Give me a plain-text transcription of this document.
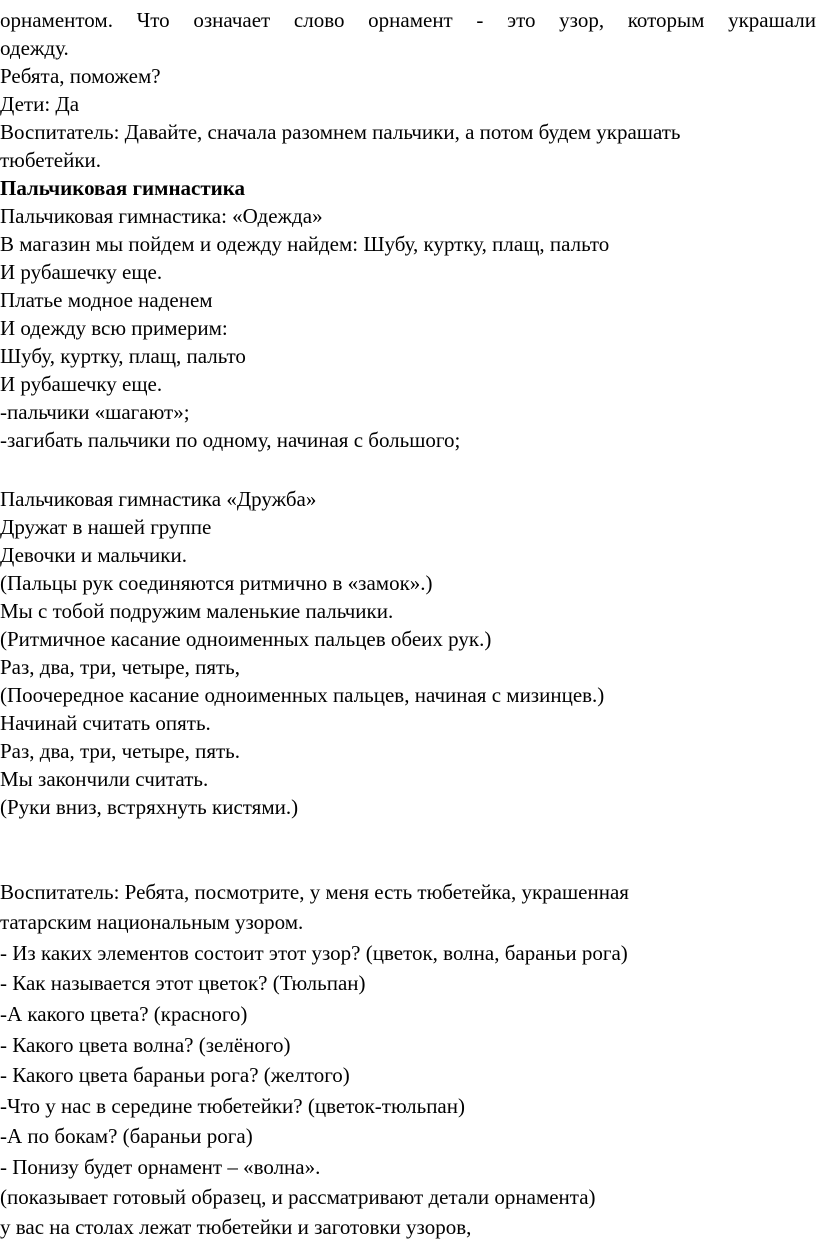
орнаментом. Что означает слово орнамент - это узор, которым украшали
одежду.
Ребята, поможем?
Дети: Да
Воспитатель: Давайте, сначала разомнем пальчики, а потом будем украшать
тюбетейки.
Пальчиковая гимнастика
Пальчиковая гимнастика: «Одежда»
В магазин мы пойдем и одежду найдем: Шубу, куртку, плащ, пальто
И рубашечку еще.
Платье модное наденем
И одежду всю примерим:
Шубу, куртку, плащ, пальто
И рубашечку еще.
-пальчики «шагают»;
-загибать пальчики по одному, начиная с большого;
Пальчиковая гимнастика «Дружба»
Дружат в нашей группе
Девочки и мальчики.
(Пальцы рук соединяются ритмично в «замок».)
Мы с тобой подружим маленькие пальчики.
(Ритмичное касание одноименных пальцев обеих рук.)
Раз, два, три, четыре, пять,
(Поочередное касание одноименных пальцев, начиная с мизинцев.)
Начинай считать опять.
Раз, два, три, четыре, пять.
Мы закончили считать.
(Руки вниз, встряхнуть кистями.)
Воспитатель: Ребята, посмотрите, у меня есть тюбетейка, украшенная
татарским национальным узором.
- Из каких элементов состоит этот узор? (цветок, волна, бараньи рога)
- Как называется этот цветок? (Тюльпан)
-А какого цвета? (красного)
- Какого цвета волна? (зелёного)
- Какого цвета бараньи рога? (желтого)
-Что у нас в середине тюбетейки? (цветок-тюльпан)
-А по бокам? (бараньи рога)
- Понизу будет орнамент – «волна».
(показывает готовый образец, и рассматривают детали орнамента)
у вас на столах лежат тюбетейки и заготовки узоров,
